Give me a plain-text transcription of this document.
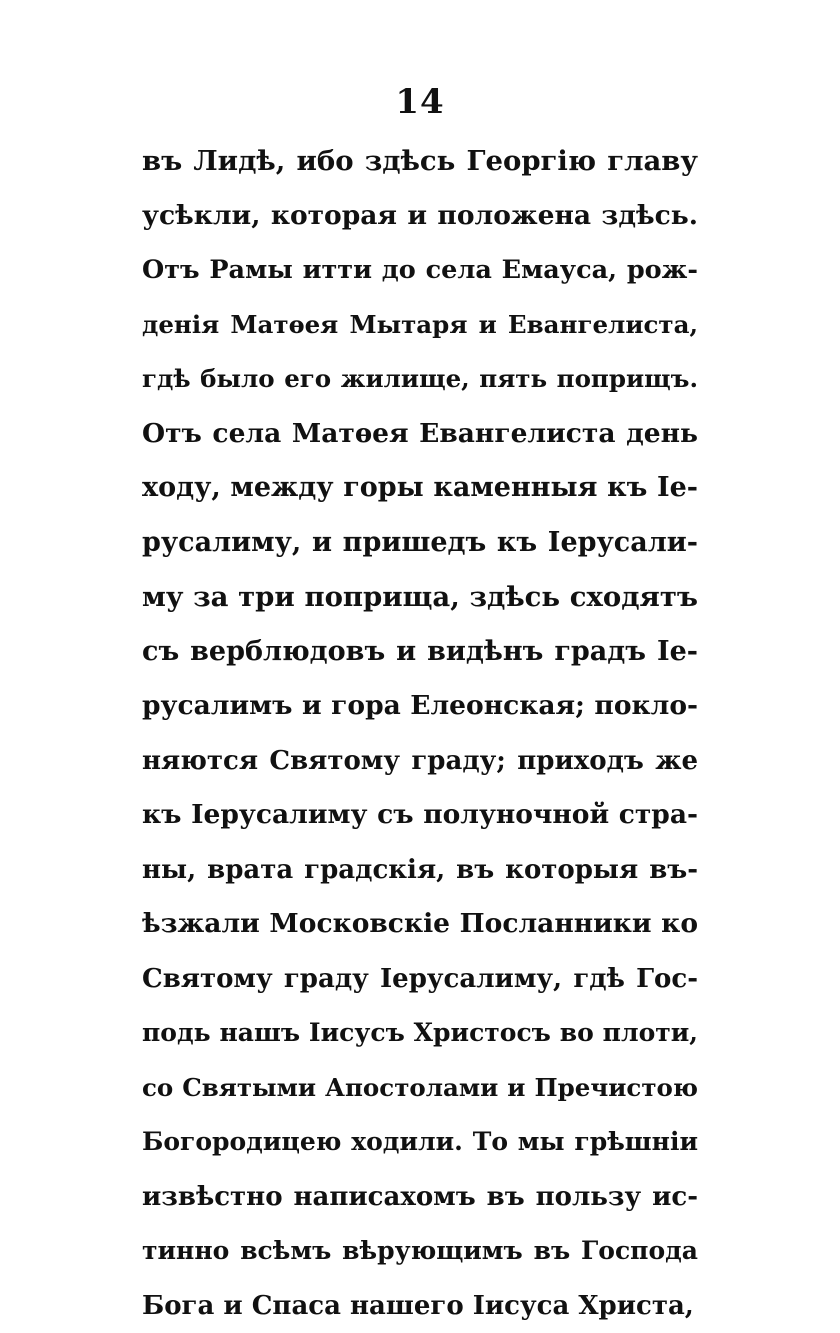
14
въ Лидѣ, ибо здѣсь Георгію главу
усѣкли, которая и положена здѣсь.
Отъ Рамы итти до села Емауса, рож-
денія Матѳея Мытаря и Евангелиста,
гдѣ было его жилище, пять поприщъ.
Отъ села Матѳея Евангелиста день
ходу, между горы каменныя къ Іе-
русалиму, и пришедъ къ Іерусали-
му за три поприща, здѣсь сходятъ
съ верблюдовъ и видѣнъ градъ Іе-
русалимъ и гора Елеонская; покло-
няются Святому граду; приходъ же
къ Іерусалиму съ полуночной стра-
ны, врата градскія, въ которыя въ-
ѣзжали Московскіе Посланники ко
Святому граду Іерусалиму, гдѣ Гос-
подь нашъ Іисусъ Христосъ во плоти,
со Святыми Апостолами и Пречистою
Богородицею ходили. То мы грѣшніи
извѣстно написахомъ въ пользу ис-
тинно всѣмъ вѣрующимъ въ Господа
Бога и Спаса нашего Іисуса Христа,
